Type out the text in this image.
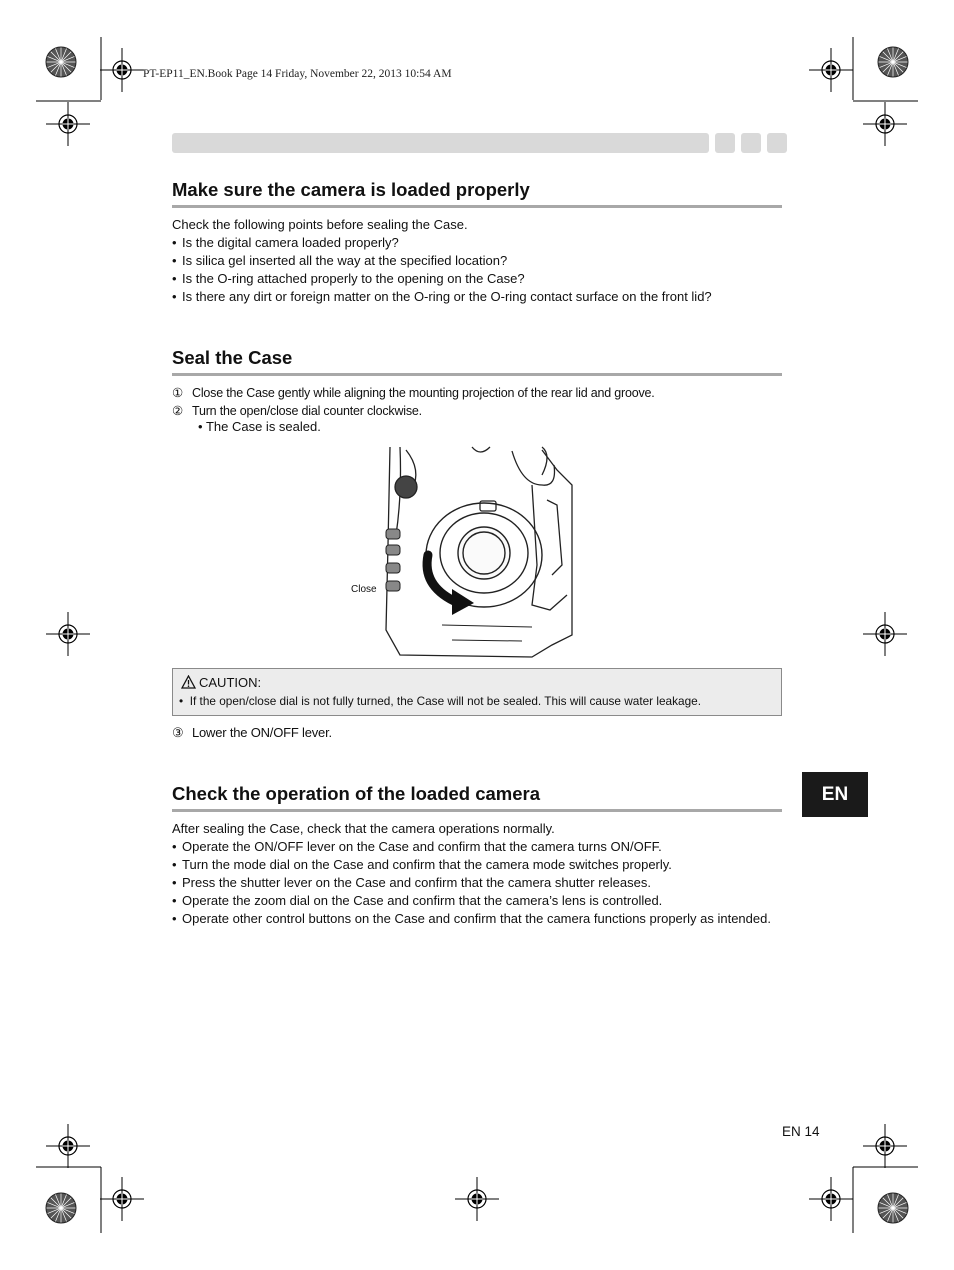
PT-EP11_EN.Book Page 14 Friday, November 22, 2013 10:54 AM
Make sure the camera is loaded properly
Check the following points before sealing the Case.
• Is the digital camera loaded properly?
• Is silica gel inserted all the way at the specified location?
• Is the O-ring attached properly to the opening on the Case?
• Is there any dirt or foreign matter on the O-ring or the O-ring contact surface on the front lid?
Seal the Case
① Close the Case gently while aligning the mounting projection of the rear lid and groove.
② Turn the open/close dial counter clockwise.
• The Case is sealed.
Close
CAUTION:
• If the open/close dial is not fully turned, the Case will not be sealed. This will cause water leakage.
③ Lower the ON/OFF lever.
Check the operation of the loaded camera
After sealing the Case, check that the camera operations normally.
• Operate the ON/OFF lever on the Case and confirm that the camera turns ON/OFF.
• Turn the mode dial on the Case and confirm that the camera mode switches properly.
• Press the shutter lever on the Case and confirm that the camera shutter releases.
• Operate the zoom dial on the Case and confirm that the camera’s lens is controlled.
• Operate other control buttons on the Case and confirm that the camera functions properly as intended.
EN
EN 14
